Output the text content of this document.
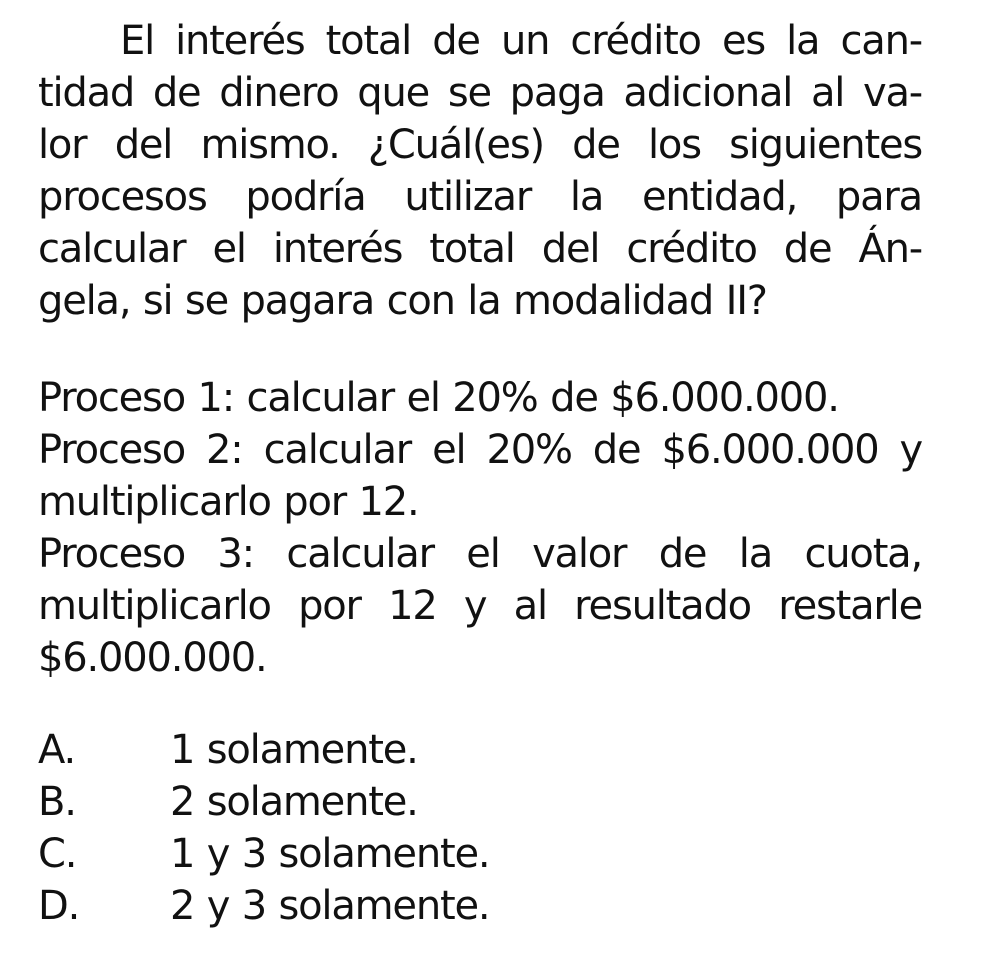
El interés total de un crédito es la can-
tidad de dinero que se paga adicional al va-
lor del mismo. ¿Cuál(es) de los siguientes
procesos podría utilizar la entidad, para
calcular el interés total del crédito de Án-
gela, si se pagara con la modalidad II?
Proceso 1: calcular el 20% de $6.000.000.
Proceso 2: calcular el 20% de $6.000.000 y
multiplicarlo por 12.
Proceso 3: calcular el valor de la cuota,
multiplicarlo por 12 y al resultado restarle
$6.000.000.
A.	1 solamente.
B.	2 solamente.
C.	1 y 3 solamente.
D.	2 y 3 solamente.
